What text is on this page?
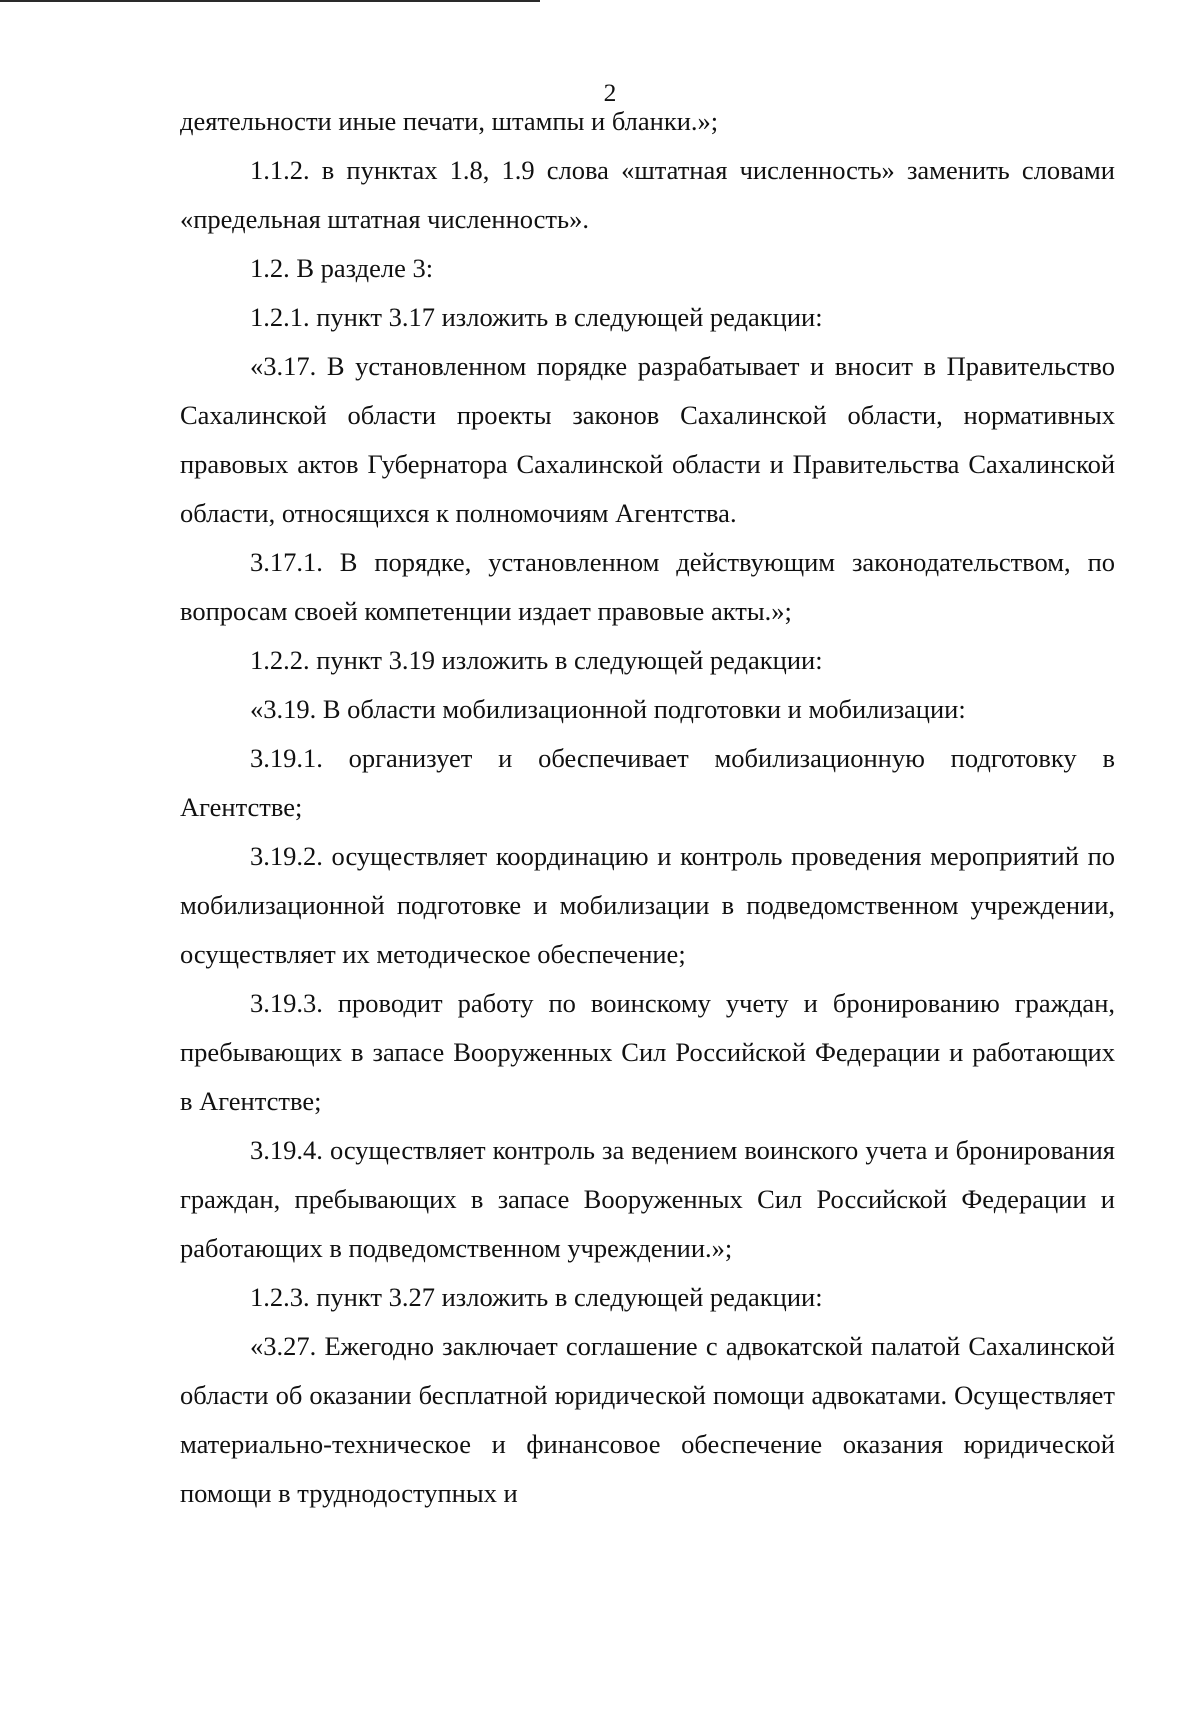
2

деятельности иные печати, штампы и бланки.»;

1.1.2. в пунктах 1.8, 1.9 слова «штатная численность» заменить словами «предельная штатная численность».

1.2. В разделе 3:

1.2.1. пункт 3.17 изложить в следующей редакции:

«3.17. В установленном порядке разрабатывает и вносит в Правительство Сахалинской области проекты законов Сахалинской области, нормативных правовых актов Губернатора Сахалинской области и Правительства Сахалинской области, относящихся к полномочиям Агентства.

3.17.1. В порядке, установленном действующим законодательством, по вопросам своей компетенции издает правовые акты.»;

1.2.2. пункт 3.19 изложить в следующей редакции:

«3.19. В области мобилизационной подготовки и мобилизации:

3.19.1. организует и обеспечивает мобилизационную подготовку в Агентстве;

3.19.2. осуществляет координацию и контроль проведения мероприятий по мобилизационной подготовке и мобилизации в подведомственном учреждении, осуществляет их методическое обеспечение;

3.19.3. проводит работу по воинскому учету и бронированию граждан, пребывающих в запасе Вооруженных Сил Российской Федерации и работающих в Агентстве;

3.19.4. осуществляет контроль за ведением воинского учета и бронирования граждан, пребывающих в запасе Вооруженных Сил Российской Федерации и работающих в подведомственном учреждении.»;

1.2.3. пункт 3.27 изложить в следующей редакции:

«3.27. Ежегодно заключает соглашение с адвокатской палатой Сахалинской области об оказании бесплатной юридической помощи адвокатами. Осуществляет материально-техническое и финансовое обеспечение оказания юридической помощи в труднодоступных и
